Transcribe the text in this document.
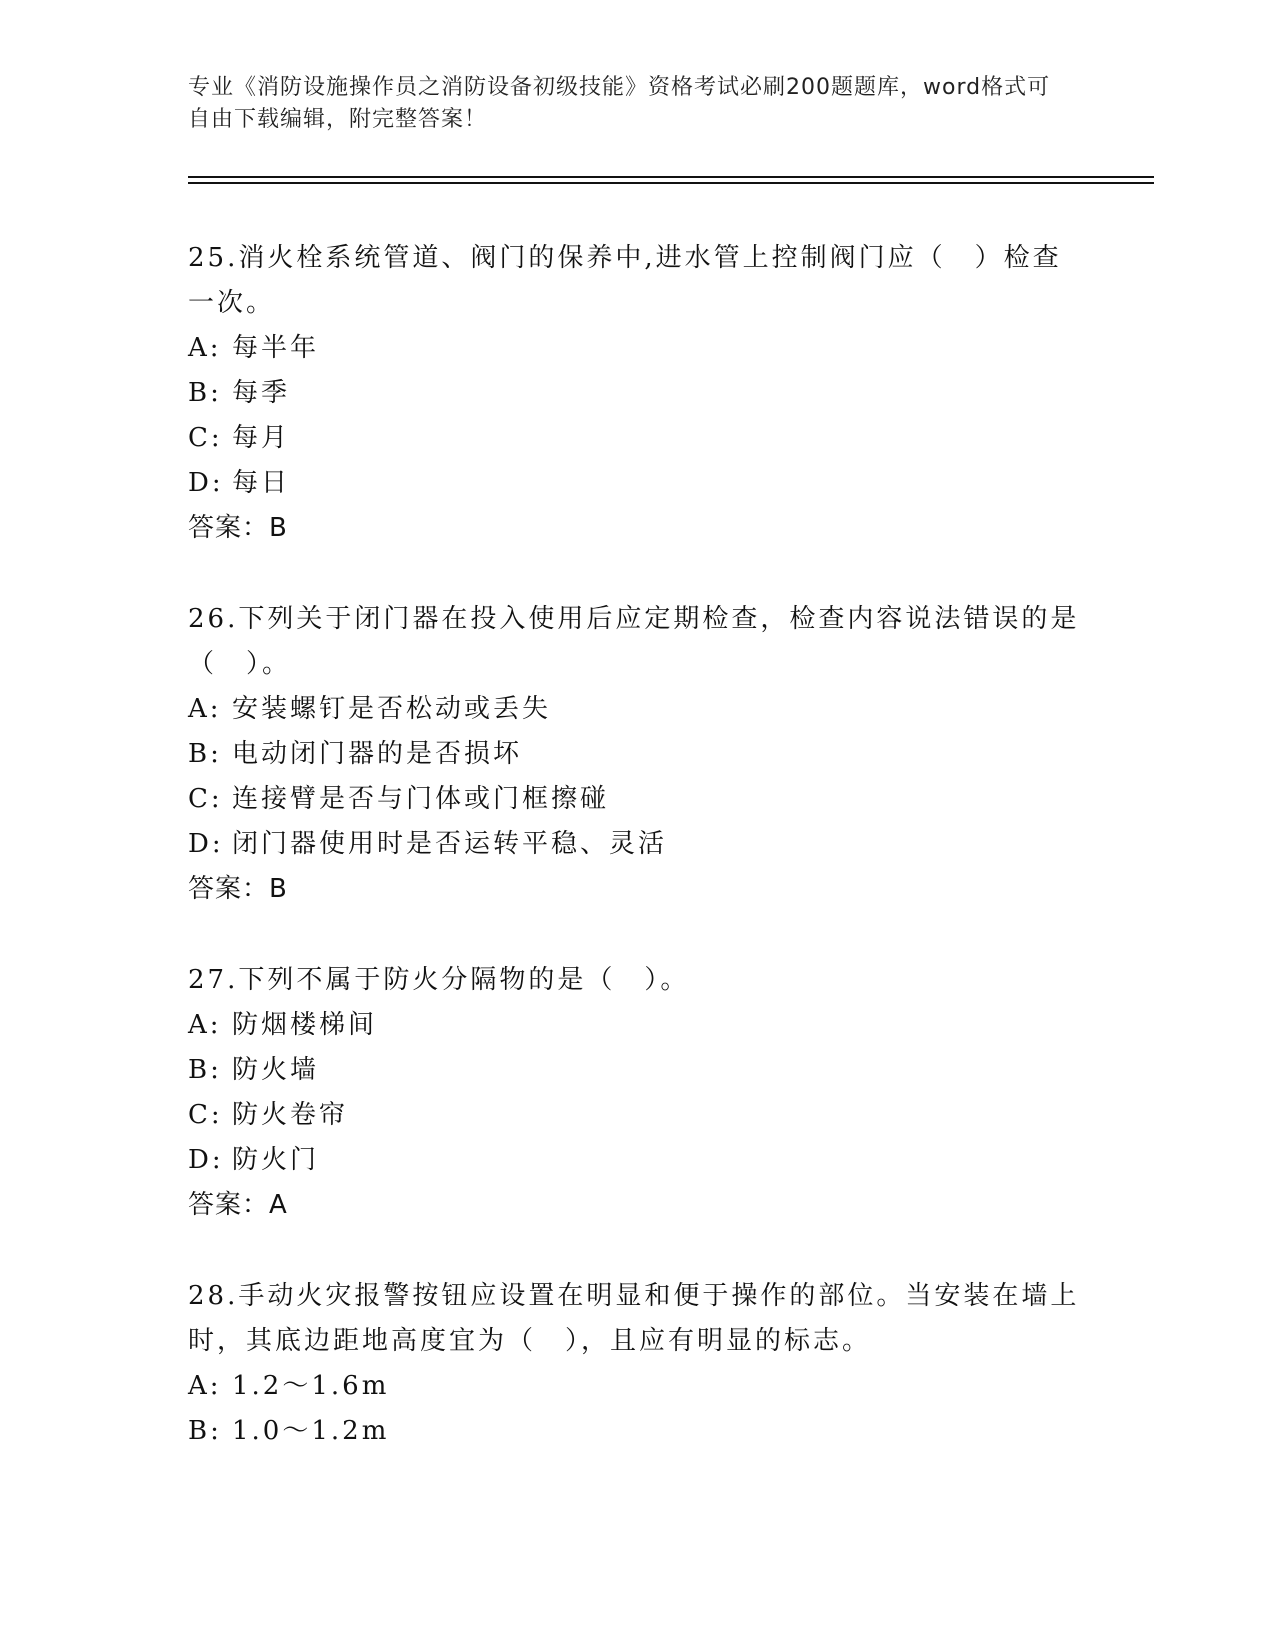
专业《消防设施操作员之消防设备初级技能》资格考试必刷200题题库，word格式可自由下载编辑，附完整答案！

25.消火栓系统管道、阀门的保养中,进水管上控制阀门应（　）检查一次。

A: 每半年

B: 每季

C: 每月

D: 每日

答案：B

26.下列关于闭门器在投入使用后应定期检查，检查内容说法错误的是（　）。

A: 安装螺钉是否松动或丢失

B: 电动闭门器的是否损坏

C: 连接臂是否与门体或门框擦碰

D: 闭门器使用时是否运转平稳、灵活

答案：B

27.下列不属于防火分隔物的是（　）。

A: 防烟楼梯间

B: 防火墙

C: 防火卷帘

D: 防火门

答案：A

28.手动火灾报警按钮应设置在明显和便于操作的部位。当安装在墙上时，其底边距地高度宜为（　），且应有明显的标志。

A: 1.2～1.6m

B: 1.0～1.2m
